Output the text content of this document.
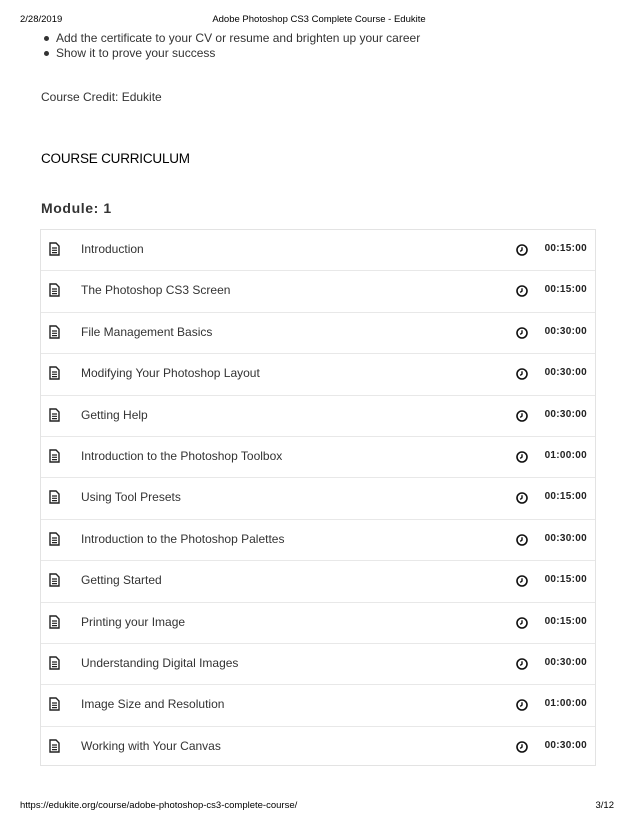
2/28/2019	Adobe Photoshop CS3 Complete Course - Edukite
Add the certificate to your CV or resume and brighten up your career
Show it to prove your success
Course Credit: Edukite
COURSE CURRICULUM
Module: 1
Introduction	00:15:00
The Photoshop CS3 Screen	00:15:00
File Management Basics	00:30:00
Modifying Your Photoshop Layout	00:30:00
Getting Help	00:30:00
Introduction to the Photoshop Toolbox	01:00:00
Using Tool Presets	00:15:00
Introduction to the Photoshop Palettes	00:30:00
Getting Started	00:15:00
Printing your Image	00:15:00
Understanding Digital Images	00:30:00
Image Size and Resolution	01:00:00
Working with Your Canvas	00:30:00
https://edukite.org/course/adobe-photoshop-cs3-complete-course/	3/12
